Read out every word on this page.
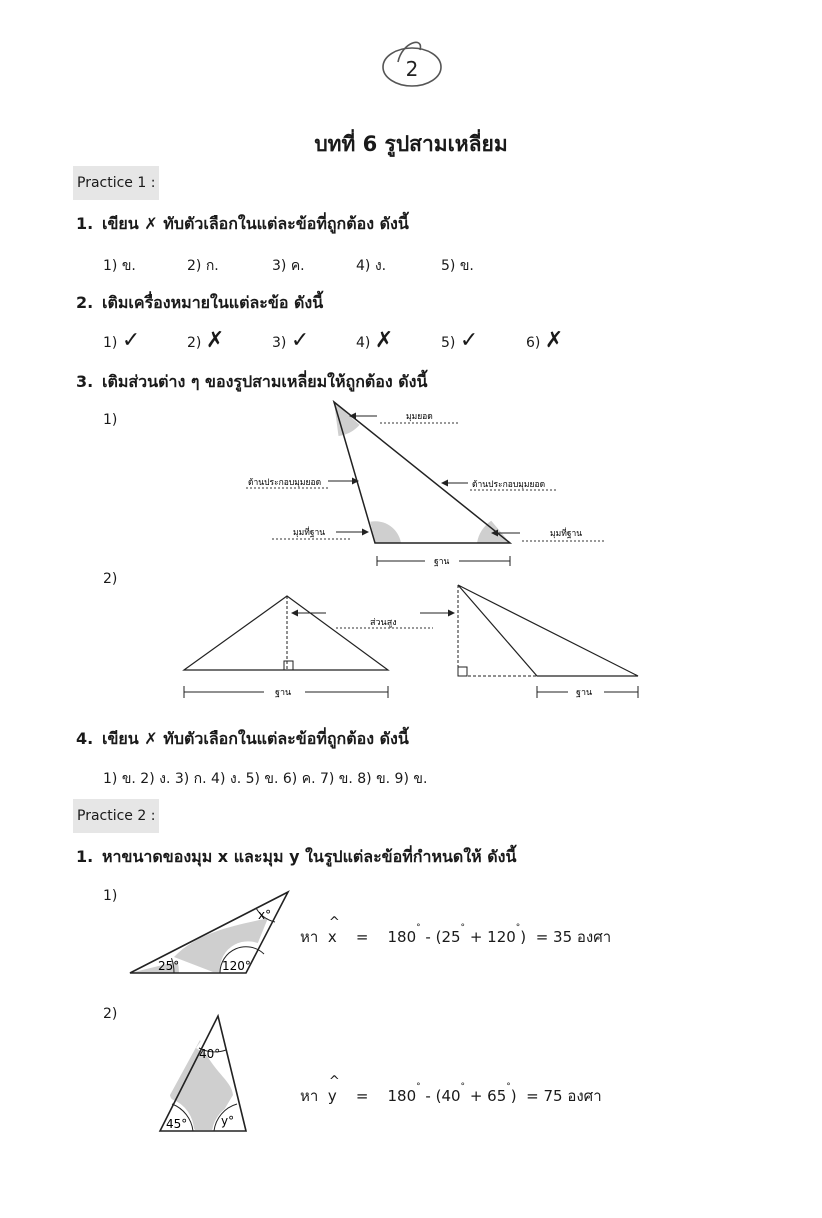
2
บทที่ 6 รูปสามเหลี่ยม
Practice 1 :
1. เขียน ✗ ทับตัวเลือกในแต่ละข้อที่ถูกต้อง ดังนี้
1) ข.	2) ก.	3) ค.	4) ง.	5) ข.
2. เติมเครื่องหมายในแต่ละข้อ ดังนี้
1) ✓	2) ✗	3) ✓	4) ✗	5) ✓	6) ✗
3. เติมส่วนต่าง ๆ ของรูปสามเหลี่ยมให้ถูกต้อง ดังนี้
1)	มุมยอด
ด้านประกอบมุมยอด	ด้านประกอบมุมยอด
มุมที่ฐาน	มุมที่ฐาน
ฐาน
2)
ส่วนสูง
ฐาน	ฐาน
4. เขียน ✗ ทับตัวเลือกในแต่ละข้อที่ถูกต้อง ดังนี้
1) ข. 2) ง. 3) ก. 4) ง. 5) ข. 6) ค. 7) ข. 8) ข. 9) ข.
Practice 2 :
1. หาขนาดของมุม x และมุม y ในรูปแต่ละข้อที่กำหนดให้ ดังนี้
1)
25°	120°
x°
หา ^ x = 180° - (25° + 120°) = 35 องศา
2)
40°
45°	y°
หา ^ y = 180° - (40° + 65°) = 75 องศา
